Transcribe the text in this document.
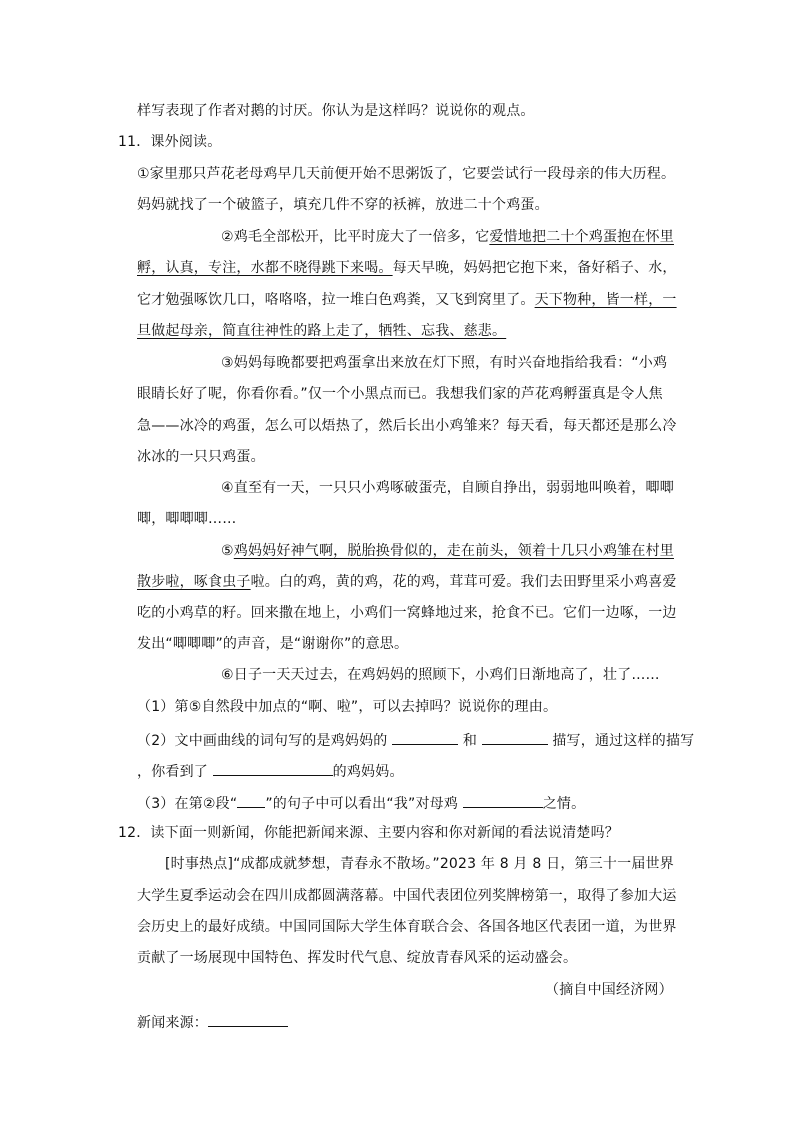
样写表现了作者对鹅的讨厌。你认为是这样吗？说说你的观点。
11．课外阅读。
①家里那只芦花老母鸡早几天前便开始不思粥饭了，它要尝试行一段母亲的伟大历程。
妈妈就找了一个破篮子，填充几件不穿的袄裤，放进二十个鸡蛋。
②鸡毛全部松开，比平时庞大了一倍多，它爱惜地把二十个鸡蛋抱在怀里
孵，认真，专注，水都不晓得跳下来喝。每天早晚，妈妈把它抱下来，备好稻子、水，
它才勉强啄饮几口，咯咯咯，拉一堆白色鸡粪，又飞到窝里了。天下物种，皆一样，一
旦做起母亲，简直往神性的路上走了，牺牲、忘我、慈悲。
③妈妈每晚都要把鸡蛋拿出来放在灯下照，有时兴奋地指给我看：“小鸡
眼睛长好了呢，你看你看。”仅一个小黑点而已。我想我们家的芦花鸡孵蛋真是令人焦
急——冰冷的鸡蛋，怎么可以焐热了，然后长出小鸡雏来？每天看，每天都还是那么冷
冰冰的一只只鸡蛋。
④直至有一天，一只只小鸡啄破蛋壳，自顾自挣出，弱弱地叫唤着，唧唧
唧，唧唧唧……
⑤鸡妈妈好神气啊，脱胎换骨似的，走在前头，领着十几只小鸡雏在村里
散步啦，啄食虫子啦。白的鸡，黄的鸡，花的鸡，茸茸可爱。我们去田野里采小鸡喜爱
吃的小鸡草的籽。回来撒在地上，小鸡们一窝蜂地过来，抢食不已。它们一边啄，一边
发出“唧唧唧”的声音，是“谢谢你”的意思。
⑥日子一天天过去，在鸡妈妈的照顾下，小鸡们日渐地高了，壮了……
（1）第⑤自然段中加点的“啊、啦”，可以去掉吗？说说你的理由。
（2）文中画曲线的词句写的是鸡妈妈的	和	描写，通过这样的描写
，你看到了	的鸡妈妈。
（3）在第②段“ ”的句子中可以看出“我”对母鸡	之情。
12．读下面一则新闻，你能把新闻来源、主要内容和你对新闻的看法说清楚吗？
[时事热点]“成都成就梦想，青春永不散场。”2023 年 8 月 8 日，第三十一届世界
大学生夏季运动会在四川成都圆满落幕。中国代表团位列奖牌榜第一，取得了参加大运
会历史上的最好成绩。中国同国际大学生体育联合会、各国各地区代表团一道，为世界
贡献了一场展现中国特色、挥发时代气息、绽放青春风采的运动盛会。
（摘自中国经济网）
新闻来源：
